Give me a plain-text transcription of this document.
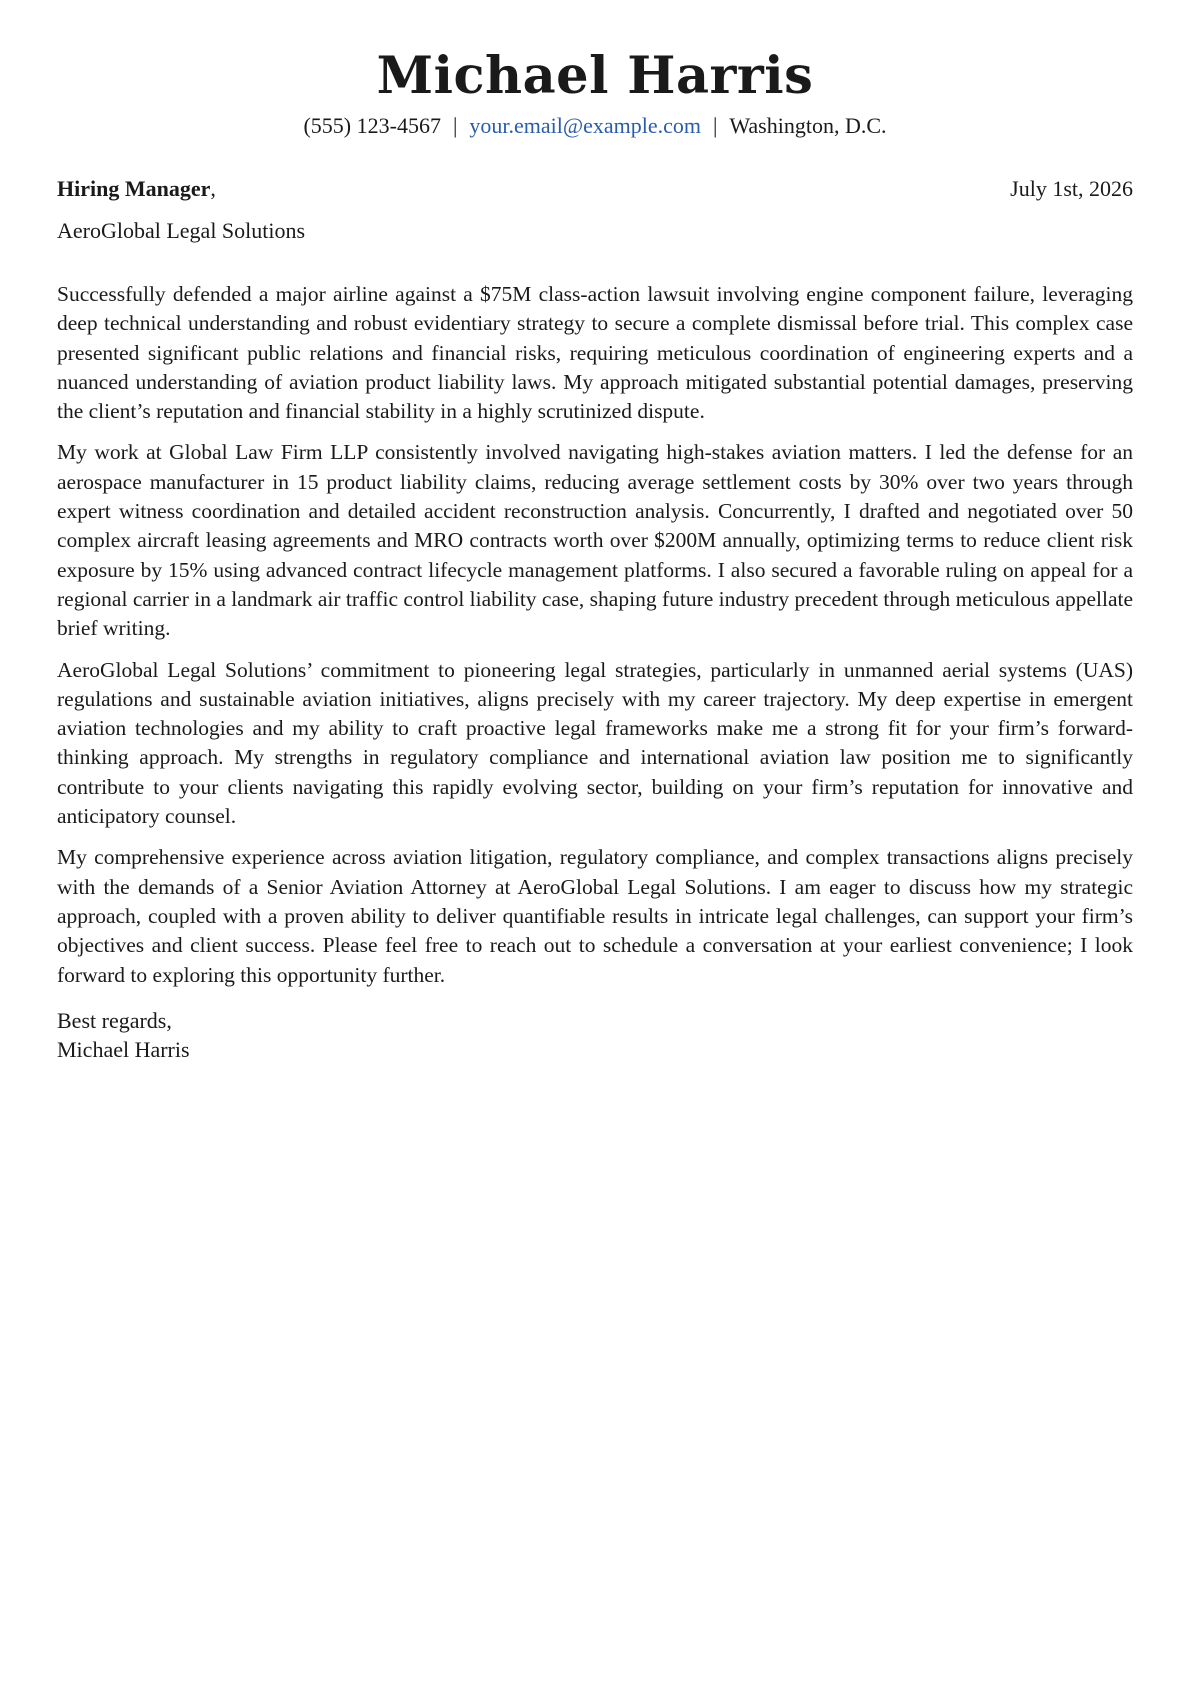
Michael Harris
(555) 123-4567 | your.email@example.com | Washington, D.C.
Hiring Manager,	July 1st, 2026
AeroGlobal Legal Solutions

Successfully defended a major airline against a $75M class-action lawsuit involving engine component failure, leveraging deep technical understanding and robust evidentiary strategy to secure a complete dismissal before trial. This complex case presented significant public relations and financial risks, requiring meticulous coordination of engineering experts and a nuanced understanding of aviation product liability laws. My approach mitigated substantial potential damages, preserving the client’s reputation and financial stability in a highly scrutinized dispute.

My work at Global Law Firm LLP consistently involved navigating high-stakes aviation matters. I led the defense for an aerospace manufacturer in 15 product liability claims, reducing average settlement costs by 30% over two years through expert witness coordination and detailed accident reconstruction analysis. Concurrently, I drafted and negotiated over 50 complex aircraft leasing agreements and MRO contracts worth over $200M annually, optimizing terms to reduce client risk exposure by 15% using advanced contract lifecycle management platforms. I also secured a favorable ruling on appeal for a regional carrier in a landmark air traffic control liability case, shaping future industry precedent through meticulous appellate brief writing.

AeroGlobal Legal Solutions’ commitment to pioneering legal strategies, particularly in unmanned aerial systems (UAS) regulations and sustainable aviation initiatives, aligns precisely with my career trajectory. My deep expertise in emergent aviation technologies and my ability to craft proactive legal frameworks make me a strong fit for your firm’s forward-thinking approach. My strengths in regulatory compliance and international aviation law position me to significantly contribute to your clients navigating this rapidly evolving sector, building on your firm’s reputation for innovative and anticipatory counsel.

My comprehensive experience across aviation litigation, regulatory compliance, and complex transactions aligns precisely with the demands of a Senior Aviation Attorney at AeroGlobal Legal Solutions. I am eager to discuss how my strategic approach, coupled with a proven ability to deliver quantifiable results in intricate legal challenges, can support your firm’s objectives and client success. Please feel free to reach out to schedule a conversation at your earliest convenience; I look forward to exploring this opportunity further.

Best regards,
Michael Harris
